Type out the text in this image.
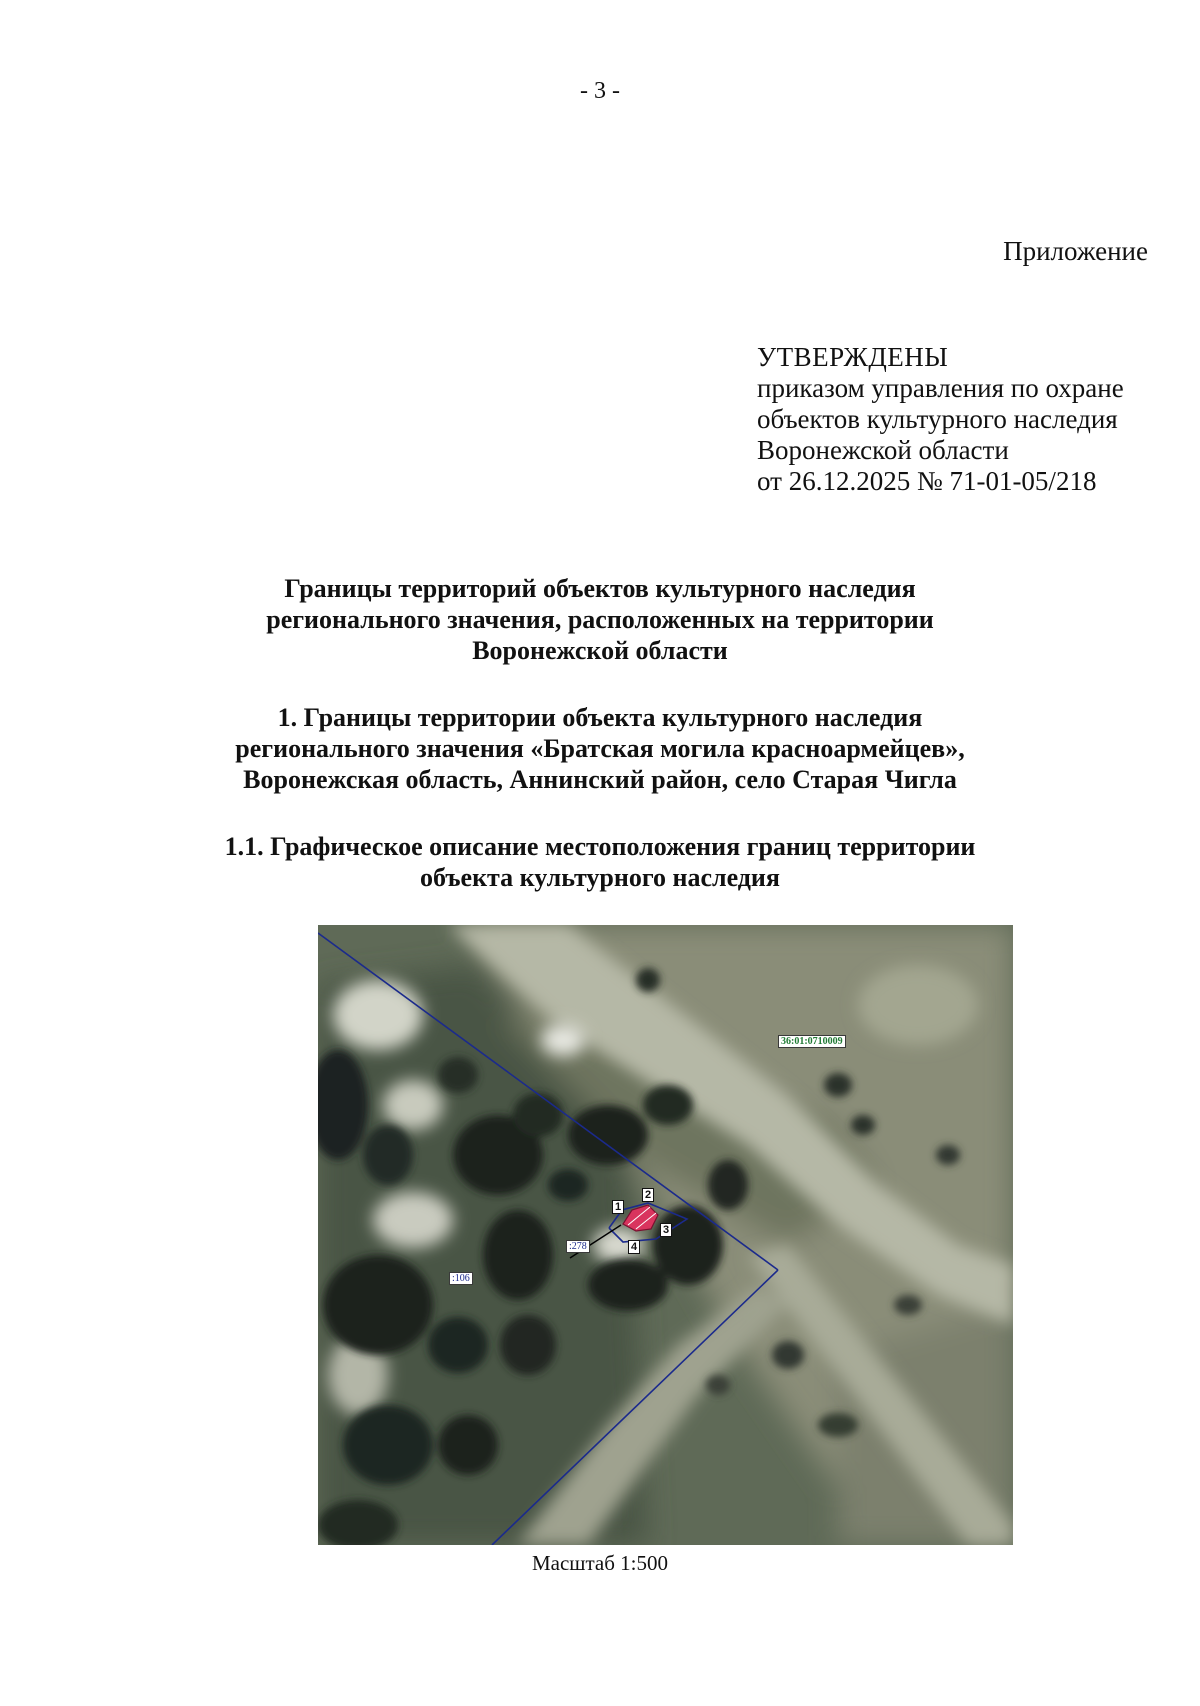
- 3 -
Приложение
УТВЕРЖДЕНЫ
приказом управления по охране
объектов культурного наследия
Воронежской области
от 26.12.2025 № 71-01-05/218
Границы территорий объектов культурного наследия
регионального значения, расположенных на территории
Воронежской области
1. Границы территории объекта культурного наследия
регионального значения «Братская могила красноармейцев»,
Воронежская область, Аннинский район, село Старая Чигла
1.1. Графическое описание местоположения границ территории
объекта культурного наследия
36:01:0710009
:278
:106
1
2
3
4
Масштаб 1:500
